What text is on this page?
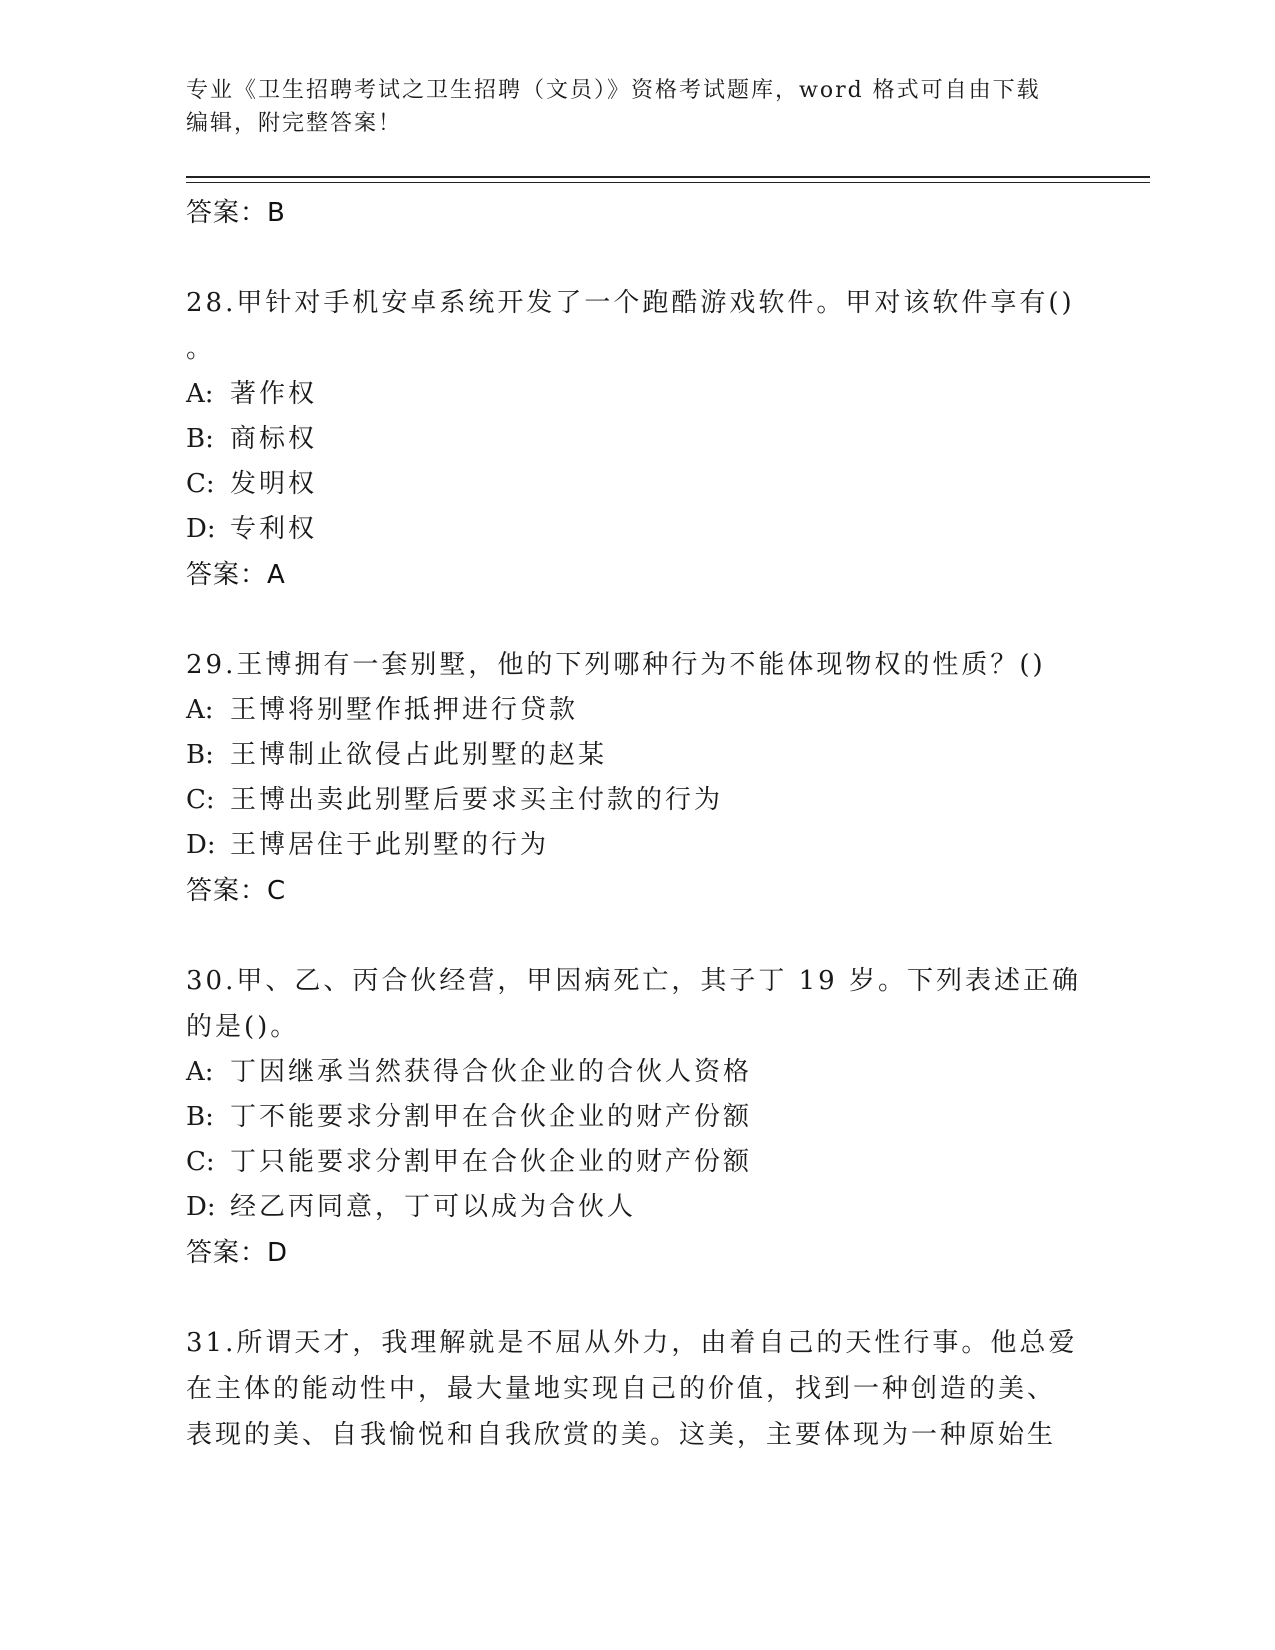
专业《卫生招聘考试之卫生招聘（文员）》资格考试题库，word 格式可自由下载
编辑，附完整答案！
答案：B
28.甲针对手机安卓系统开发了一个跑酷游戏软件。甲对该软件享有()
。
A: 著作权
B: 商标权
C: 发明权
D: 专利权
答案：A
29.王博拥有一套别墅，他的下列哪种行为不能体现物权的性质？()
A: 王博将别墅作抵押进行贷款
B: 王博制止欲侵占此别墅的赵某
C: 王博出卖此别墅后要求买主付款的行为
D: 王博居住于此别墅的行为
答案：C
30.甲、乙、丙合伙经营，甲因病死亡，其子丁 19 岁。下列表述正确
的是()。
A: 丁因继承当然获得合伙企业的合伙人资格
B: 丁不能要求分割甲在合伙企业的财产份额
C: 丁只能要求分割甲在合伙企业的财产份额
D: 经乙丙同意，丁可以成为合伙人
答案：D
31.所谓天才，我理解就是不屈从外力，由着自己的天性行事。他总爱
在主体的能动性中，最大量地实现自己的价值，找到一种创造的美、
表现的美、自我愉悦和自我欣赏的美。这美，主要体现为一种原始生
